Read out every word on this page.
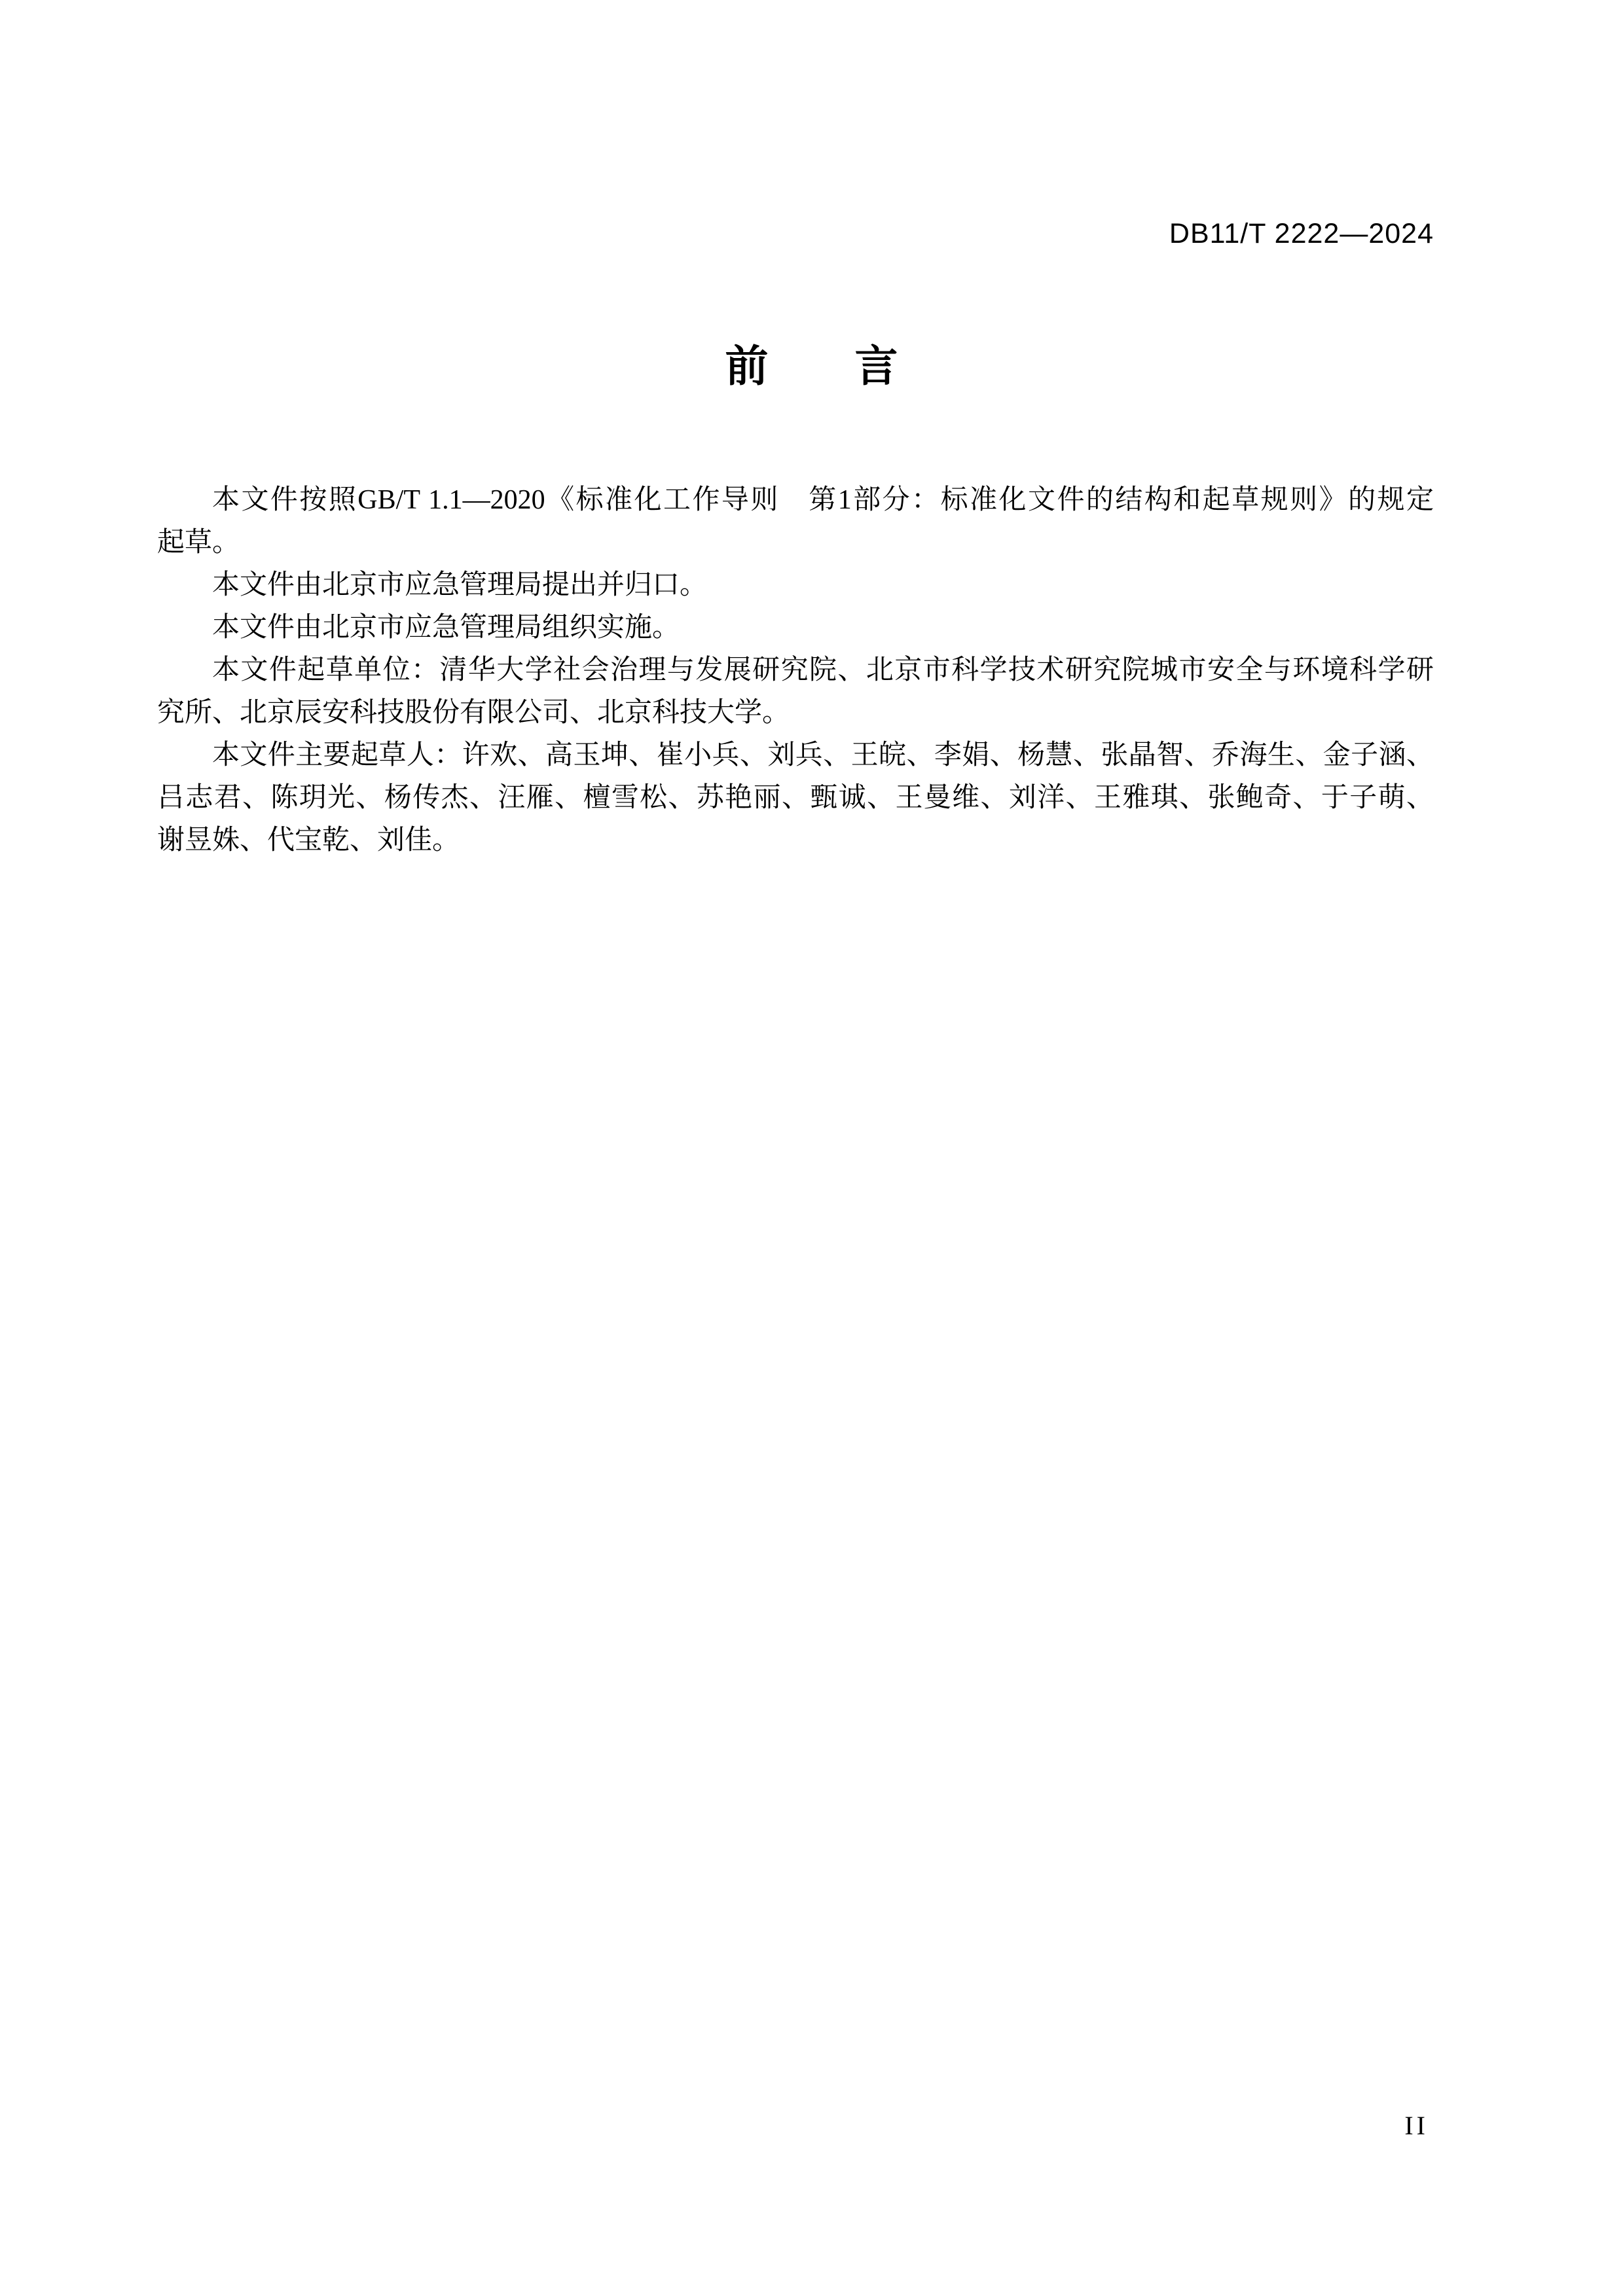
DB11/T 2222—2024
前　　言

本文件按照GB/T 1.1—2020《标准化工作导则　第1部分：标准化文件的结构和起草规则》的规定
起草。

本文件由北京市应急管理局提出并归口。

本文件由北京市应急管理局组织实施。

本文件起草单位：清华大学社会治理与发展研究院、北京市科学技术研究院城市安全与环境科学研
究所、北京辰安科技股份有限公司、北京科技大学。

本文件主要起草人：许欢、高玉坤、崔小兵、刘兵、王皖、李娟、杨慧、张晶智、乔海生、金子涵、
吕志君、陈玥光、杨传杰、汪雁、檀雪松、苏艳丽、甄诚、王曼维、刘洋、王雅琪、张鲍奇、于子萌、
谢昱姝、代宝乾、刘佳。

II
